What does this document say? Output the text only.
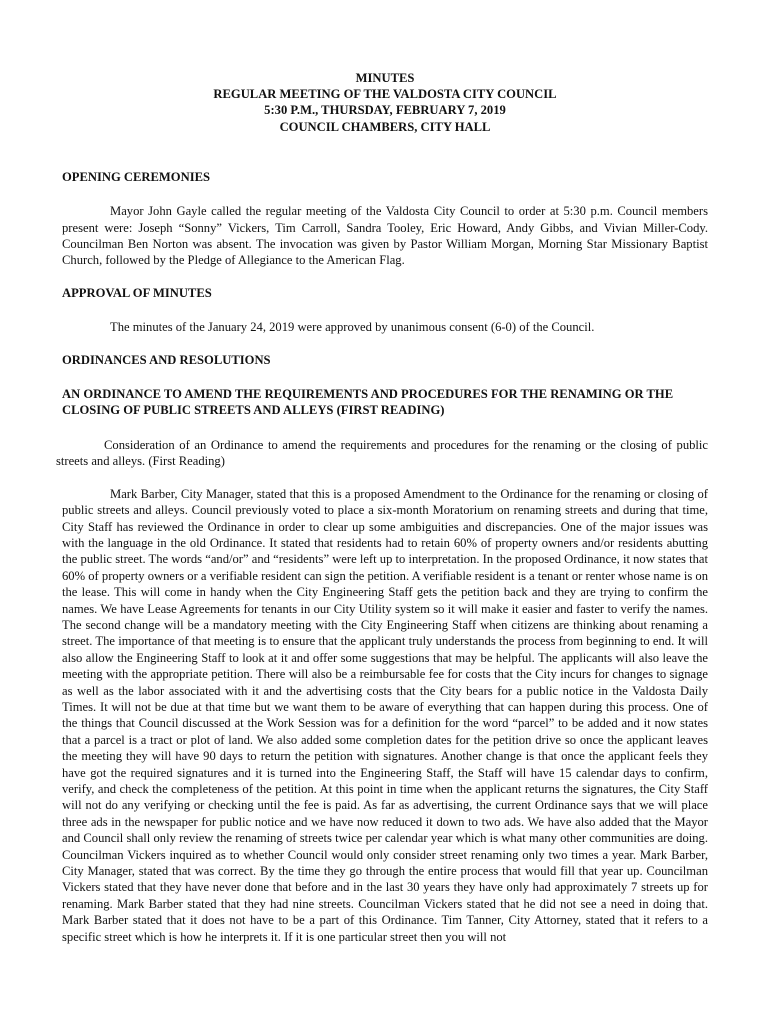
MINUTES
REGULAR MEETING OF THE VALDOSTA CITY COUNCIL
5:30 P.M., THURSDAY, FEBRUARY 7, 2019
COUNCIL CHAMBERS, CITY HALL
OPENING CEREMONIES

Mayor John Gayle called the regular meeting of the Valdosta City Council to order at 5:30 p.m. Council members present were: Joseph “Sonny” Vickers, Tim Carroll, Sandra Tooley, Eric Howard, Andy Gibbs, and Vivian Miller-Cody. Councilman Ben Norton was absent. The invocation was given by Pastor William Morgan, Morning Star Missionary Baptist Church, followed by the Pledge of Allegiance to the American Flag.

APPROVAL OF MINUTES

The minutes of the January 24, 2019 were approved by unanimous consent (6-0) of the Council.

ORDINANCES AND RESOLUTIONS
AN ORDINANCE TO AMEND THE REQUIREMENTS AND PROCEDURES FOR THE RENAMING OR THE CLOSING OF PUBLIC STREETS AND ALLEYS (FIRST READING)

Consideration of an Ordinance to amend the requirements and procedures for the renaming or the closing of public streets and alleys. (First Reading)

Mark Barber, City Manager, stated that this is a proposed Amendment to the Ordinance for the renaming or closing of public streets and alleys. Council previously voted to place a six-month Moratorium on renaming streets and during that time, City Staff has reviewed the Ordinance in order to clear up some ambiguities and discrepancies. One of the major issues was with the language in the old Ordinance. It stated that residents had to retain 60% of property owners and/or residents abutting the public street. The words “and/or” and “residents” were left up to interpretation. In the proposed Ordinance, it now states that 60% of property owners or a verifiable resident can sign the petition. A verifiable resident is a tenant or renter whose name is on the lease. This will come in handy when the City Engineering Staff gets the petition back and they are trying to confirm the names. We have Lease Agreements for tenants in our City Utility system so it will make it easier and faster to verify the names. The second change will be a mandatory meeting with the City Engineering Staff when citizens are thinking about renaming a street. The importance of that meeting is to ensure that the applicant truly understands the process from beginning to end. It will also allow the Engineering Staff to look at it and offer some suggestions that may be helpful. The applicants will also leave the meeting with the appropriate petition. There will also be a reimbursable fee for costs that the City incurs for changes to signage as well as the labor associated with it and the advertising costs that the City bears for a public notice in the Valdosta Daily Times. It will not be due at that time but we want them to be aware of everything that can happen during this process. One of the things that Council discussed at the Work Session was for a definition for the word “parcel” to be added and it now states that a parcel is a tract or plot of land. We also added some completion dates for the petition drive so once the applicant leaves the meeting they will have 90 days to return the petition with signatures. Another change is that once the applicant feels they have got the required signatures and it is turned into the Engineering Staff, the Staff will have 15 calendar days to confirm, verify, and check the completeness of the petition. At this point in time when the applicant returns the signatures, the City Staff will not do any verifying or checking until the fee is paid. As far as advertising, the current Ordinance says that we will place three ads in the newspaper for public notice and we have now reduced it down to two ads. We have also added that the Mayor and Council shall only review the renaming of streets twice per calendar year which is what many other communities are doing. Councilman Vickers inquired as to whether Council would only consider street renaming only two times a year. Mark Barber, City Manager, stated that was correct. By the time they go through the entire process that would fill that year up. Councilman Vickers stated that they have never done that before and in the last 30 years they have only had approximately 7 streets up for renaming. Mark Barber stated that they had nine streets. Councilman Vickers stated that he did not see a need in doing that. Mark Barber stated that it does not have to be a part of this Ordinance. Tim Tanner, City Attorney, stated that it refers to a specific street which is how he interprets it. If it is one particular street then you will not
